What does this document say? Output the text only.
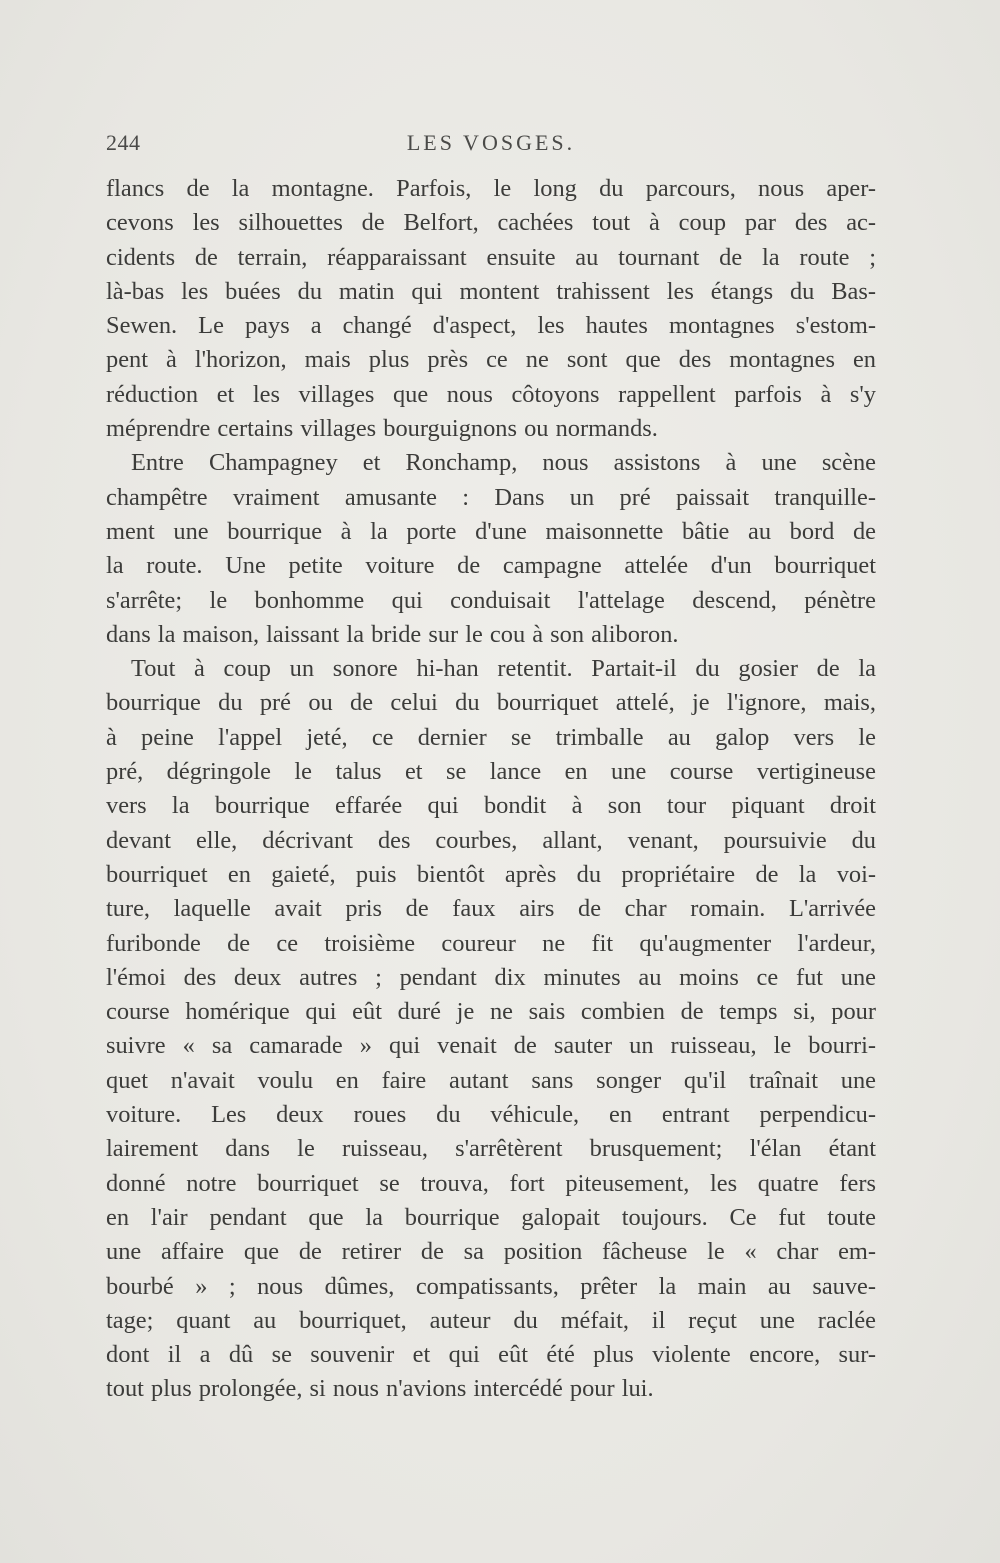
244	LES VOSGES.
flancs de la montagne. Parfois, le long du parcours, nous aper-
cevons les silhouettes de Belfort, cachées tout à coup par des ac-
cidents de terrain, réapparaissant ensuite au tournant de la route ;
là-bas les buées du matin qui montent trahissent les étangs du Bas-
Sewen. Le pays a changé d'aspect, les hautes montagnes s'estom-
pent à l'horizon, mais plus près ce ne sont que des montagnes en
réduction et les villages que nous côtoyons rappellent parfois à s'y
méprendre certains villages bourguignons ou normands.
Entre Champagney et Ronchamp, nous assistons à une scène
champêtre vraiment amusante : Dans un pré paissait tranquille-
ment une bourrique à la porte d'une maisonnette bâtie au bord de
la route. Une petite voiture de campagne attelée d'un bourriquet
s'arrête; le bonhomme qui conduisait l'attelage descend, pénètre
dans la maison, laissant la bride sur le cou à son aliboron.
Tout à coup un sonore hi-han retentit. Partait-il du gosier de la
bourrique du pré ou de celui du bourriquet attelé, je l'ignore, mais,
à peine l'appel jeté, ce dernier se trimballe au galop vers le
pré, dégringole le talus et se lance en une course vertigineuse
vers la bourrique effarée qui bondit à son tour piquant droit
devant elle, décrivant des courbes, allant, venant, poursuivie du
bourriquet en gaieté, puis bientôt après du propriétaire de la voi-
ture, laquelle avait pris de faux airs de char romain. L'arrivée
furibonde de ce troisième coureur ne fit qu'augmenter l'ardeur,
l'émoi des deux autres ; pendant dix minutes au moins ce fut une
course homérique qui eût duré je ne sais combien de temps si, pour
suivre « sa camarade » qui venait de sauter un ruisseau, le bourri-
quet n'avait voulu en faire autant sans songer qu'il traînait une
voiture. Les deux roues du véhicule, en entrant perpendicu-
lairement dans le ruisseau, s'arrêtèrent brusquement; l'élan étant
donné notre bourriquet se trouva, fort piteusement, les quatre fers
en l'air pendant que la bourrique galopait toujours. Ce fut toute
une affaire que de retirer de sa position fâcheuse le « char em-
bourbé » ; nous dûmes, compatissants, prêter la main au sauve-
tage; quant au bourriquet, auteur du méfait, il reçut une raclée
dont il a dû se souvenir et qui eût été plus violente encore, sur-
tout plus prolongée, si nous n'avions intercédé pour lui.
